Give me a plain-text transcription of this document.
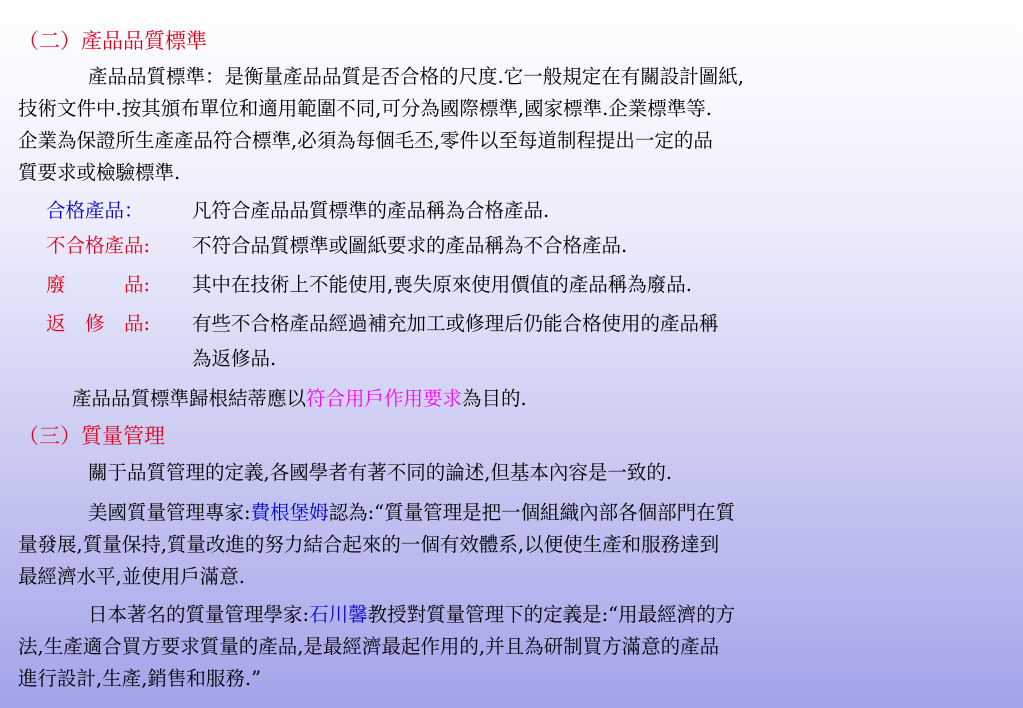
（二）產品品質標準
產品品質標準：是衡量產品品質是否合格的尺度.它一般規定在有關設計圖紙,
技術文件中.按其頒布單位和適用範圍不同,可分為國際標準,國家標準.企業標準等.
企業為保證所生產產品符合標準,必須為每個毛丕,零件以至每道制程提出一定的品
質要求或檢驗標準.
合格產品： 凡符合產品品質標準的產品稱為合格產品.
不合格產品: 不符合品質標準或圖紙要求的產品稱為不合格產品.
廢　　　品: 其中在技術上不能使用,喪失原來使用價值的產品稱為廢品.
返　修　品: 有些不合格產品經過補充加工或修理后仍能合格使用的產品稱
為返修品.
產品品質標準歸根結蒂應以符合用戶作用要求為目的.
（三）質量管理
關于品質管理的定義,各國學者有著不同的論述,但基本內容是一致的.
美國質量管理專家:費根堡姆認為:“質量管理是把一個組織內部各個部門在質
量發展,質量保持,質量改進的努力結合起來的一個有效體系,以便使生產和服務達到
最經濟水平,並使用戶滿意.
日本著名的質量管理學家:石川馨教授對質量管理下的定義是:“用最經濟的方
法,生產適合買方要求質量的產品,是最經濟最起作用的,并且為研制買方滿意的產品
進行設計,生產,銷售和服務.”
